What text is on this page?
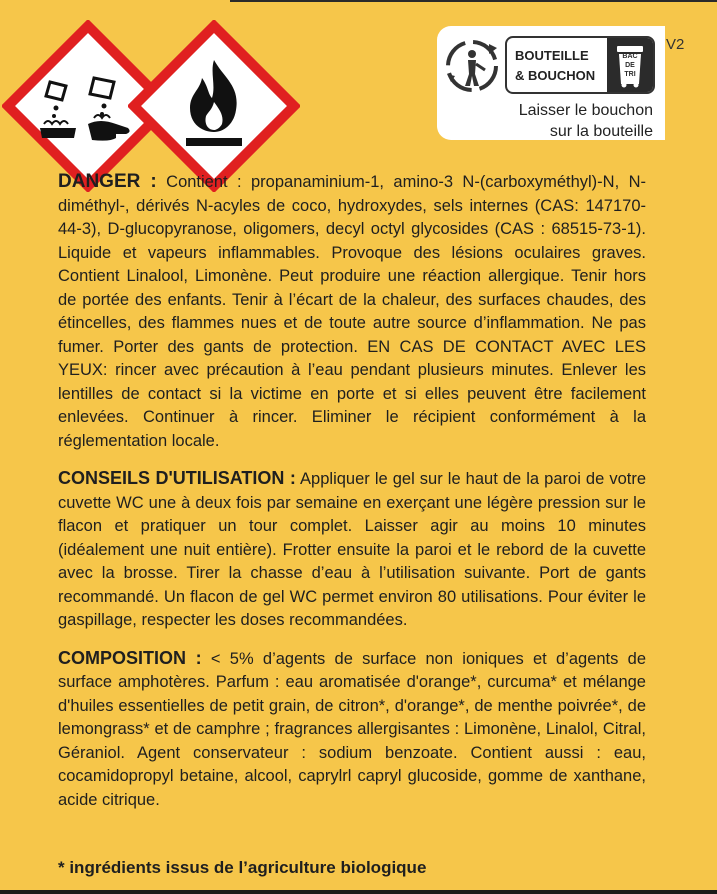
BOUTEILLE
& BOUCHON
BAC
DE
TRI
Laisser le bouchon
sur la bouteille
V2

DANGER : Contient : propanaminium-1, amino-3 N-(carboxyméthyl)-N, N-diméthyl-, dérivés N-acyles de coco, hydroxydes, sels internes (CAS: 147170-44-3), D-glucopyranose, oligomers, decyl octyl glycosides (CAS : 68515-73-1). Liquide et vapeurs inflammables. Provoque des lésions oculaires graves. Contient Linalool, Limonène. Peut produire une réaction allergique. Tenir hors de portée des enfants. Tenir à l’écart de la chaleur, des surfaces chaudes, des étincelles, des flammes nues et de toute autre source d’inflammation. Ne pas fumer. Porter des gants de protection. EN CAS DE CONTACT AVEC LES YEUX: rincer avec précaution à l’eau pendant plusieurs minutes. Enlever les lentilles de contact si la victime en porte et si elles peuvent être facilement enlevées. Continuer à rincer. Eliminer le récipient conformément à la réglementation locale.

CONSEILS D'UTILISATION : Appliquer le gel sur le haut de la paroi de votre cuvette WC une à deux fois par semaine en exerçant une légère pression sur le flacon et pratiquer un tour complet. Laisser agir au moins 10 minutes (idéalement une nuit entière). Frotter ensuite la paroi et le rebord de la cuvette avec la brosse. Tirer la chasse d’eau à l’utilisation suivante. Port de gants recommandé. Un flacon de gel WC permet environ 80 utilisations. Pour éviter le gaspillage, respecter les doses recommandées.

COMPOSITION : < 5% d’agents de surface non ioniques et d’agents de surface amphotères. Parfum : eau aromatisée d'orange*, curcuma* et mélange d'huiles essentielles de petit grain, de citron*, d'orange*, de menthe poivrée*, de lemongrass* et de camphre ; fragrances allergisantes : Limonène, Linalol, Citral, Géraniol. Agent conservateur : sodium benzoate. Contient aussi : eau, cocamidopropyl betaine, alcool, caprylrl capryl glucoside, gomme de xanthane, acide citrique.

* ingrédients issus de l’agriculture biologique
